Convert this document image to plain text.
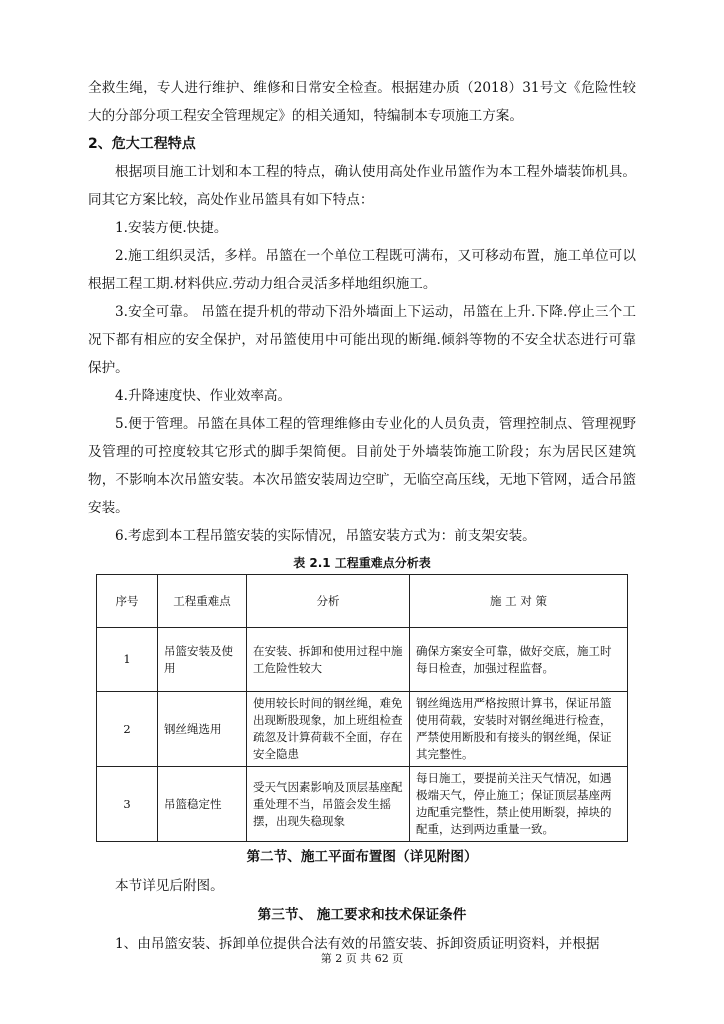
全救生绳，专人进行维护、维修和日常安全检查。根据建办质（2018）31号文《危险性较大的分部分项工程安全管理规定》的相关通知，特编制本专项施工方案。

2、危大工程特点

根据项目施工计划和本工程的特点，确认使用高处作业吊篮作为本工程外墙装饰机具。同其它方案比较，高处作业吊篮具有如下特点：

1.安装方便.快捷。

2.施工组织灵活，多样。吊篮在一个单位工程既可满布，又可移动布置，施工单位可以根据工程工期.材料供应.劳动力组合灵活多样地组织施工。

3.安全可靠。 吊篮在提升机的带动下沿外墙面上下运动，吊篮在上升.下降.停止三个工况下都有相应的安全保护，对吊篮使用中可能出现的断绳.倾斜等物的不安全状态进行可靠保护。

4.升降速度快、作业效率高。

5.便于管理。吊篮在具体工程的管理维修由专业化的人员负责，管理控制点、管理视野及管理的可控度较其它形式的脚手架简便。目前处于外墙装饰施工阶段；东为居民区建筑物，不影响本次吊篮安装。本次吊篮安装周边空旷，无临空高压线，无地下管网，适合吊篮安装。

6.考虑到本工程吊篮安装的实际情况，吊篮安装方式为：前支架安装。

表 2.1 工程重难点分析表
序号	工程重难点	分析	施 工 对 策
1	吊篮安装及使用	在安装、拆卸和使用过程中施工危险性较大	确保方案安全可靠，做好交底，施工时每日检查，加强过程监督。
2	钢丝绳选用	使用较长时间的钢丝绳，难免出现断股现象，加上班组检查疏忽及计算荷载不全面，存在安全隐患	钢丝绳选用严格按照计算书，保证吊篮使用荷载，安装时对钢丝绳进行检查，严禁使用断股和有接头的钢丝绳，保证其完整性。
3	吊篮稳定性	受天气因素影响及顶层基座配重处理不当，吊篮会发生摇摆，出现失稳现象	每日施工，要提前关注天气情况，如遇极端天气，停止施工；保证顶层基座两边配重完整性，禁止使用断裂，掉块的配重，达到两边重量一致。
第二节、施工平面布置图（详见附图）

本节详见后附图。

第三节、 施工要求和技术保证条件

1、由吊篮安装、拆卸单位提供合法有效的吊篮安装、拆卸资质证明资料，并根据

第 2 页 共 62 页
